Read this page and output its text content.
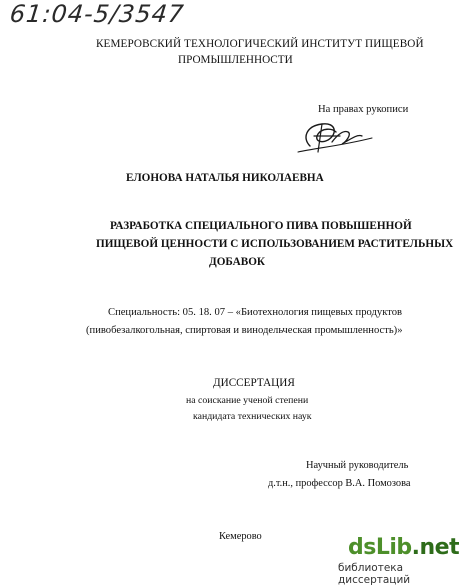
61:04-5/3547
КЕМЕРОВСКИЙ ТЕХНОЛОГИЧЕСКИЙ ИНСТИТУТ ПИЩЕВОЙ
ПРОМЫШЛЕННОСТИ
На правах рукописи
ЕЛОНОВА НАТАЛЬЯ НИКОЛАЕВНА
РАЗРАБОТКА СПЕЦИАЛЬНОГО ПИВА ПОВЫШЕННОЙ
ПИЩЕВОЙ ЦЕННОСТИ С ИСПОЛЬЗОВАНИЕМ РАСТИТЕЛЬНЫХ
ДОБАВОК
Специальность: 05. 18. 07 – «Биотехнология пищевых продуктов
(пивобезалкогольная, спиртовая и винодельческая промышленность)»
ДИССЕРТАЦИЯ
на соискание ученой степени
кандидата технических наук
Научный руководитель
д.т.н., профессор В.А. Помозова
Кемерово	dsLib.net
библиотека диссертаций
